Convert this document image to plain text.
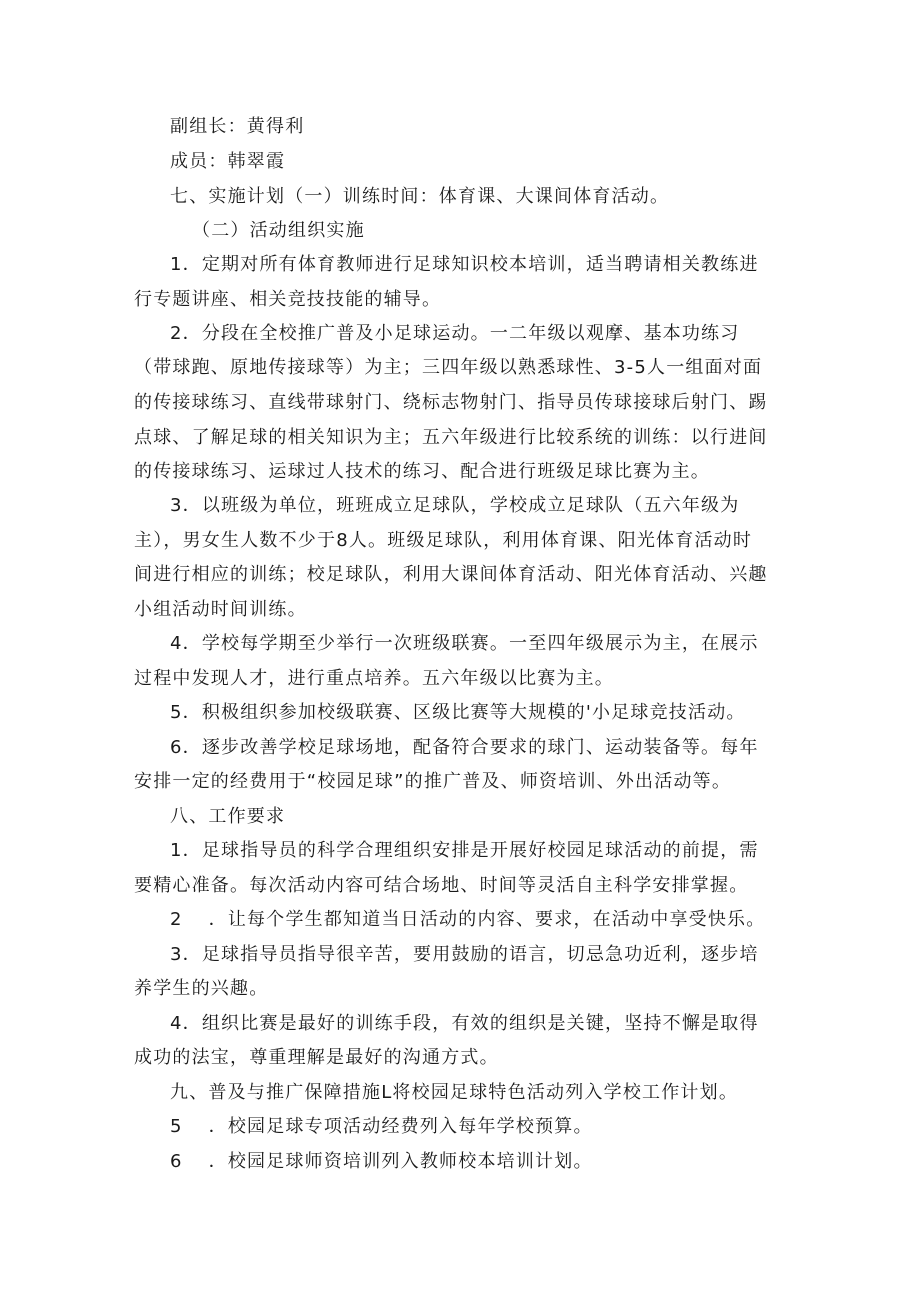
副组长：黄得利
成员：韩翠霞
七、实施计划（一）训练时间：体育课、大课间体育活动。
（二）活动组织实施
1．定期对所有体育教师进行足球知识校本培训，适当聘请相关教练进
行专题讲座、相关竞技技能的辅导。
2．分段在全校推广普及小足球运动。一二年级以观摩、基本功练习
（带球跑、原地传接球等）为主；三四年级以熟悉球性、3-5人一组面对面
的传接球练习、直线带球射门、绕标志物射门、指导员传球接球后射门、踢
点球、了解足球的相关知识为主；五六年级进行比较系统的训练：以行进间
的传接球练习、运球过人技术的练习、配合进行班级足球比赛为主。
3．以班级为单位，班班成立足球队，学校成立足球队（五六年级为
主），男女生人数不少于8人。班级足球队，利用体育课、阳光体育活动时
间进行相应的训练；校足球队，利用大课间体育活动、阳光体育活动、兴趣
小组活动时间训练。
4．学校每学期至少举行一次班级联赛。一至四年级展示为主，在展示
过程中发现人才，进行重点培养。五六年级以比赛为主。
5．积极组织参加校级联赛、区级比赛等大规模的'小足球竞技活动。
6．逐步改善学校足球场地，配备符合要求的球门、运动装备等。每年
安排一定的经费用于“校园足球”的推广普及、师资培训、外出活动等。
八、工作要求
1．足球指导员的科学合理组织安排是开展好校园足球活动的前提，需
要精心准备。每次活动内容可结合场地、时间等灵活自主科学安排掌握。
2 ．让每个学生都知道当日活动的内容、要求，在活动中享受快乐。
3．足球指导员指导很辛苦，要用鼓励的语言，切忌急功近利，逐步培
养学生的兴趣。
4．组织比赛是最好的训练手段，有效的组织是关键，坚持不懈是取得
成功的法宝，尊重理解是最好的沟通方式。
九、普及与推广保障措施L将校园足球特色活动列入学校工作计划。
5 ．校园足球专项活动经费列入每年学校预算。
6 ．校园足球师资培训列入教师校本培训计划。
